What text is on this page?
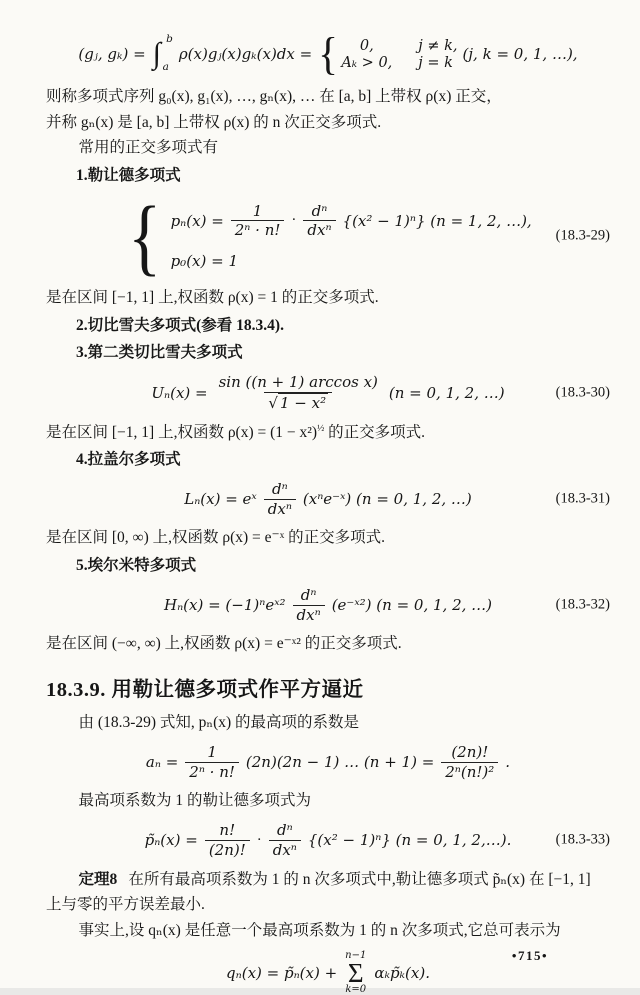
(gⱼ, gₖ) = ∫ b
a
ρ(x)gⱼ(x)gₖ(x)dx = {	0,	j ≠ k,
Aₖ > 0, j = k (j, k = 0, 1, …),
则称多项式序列 g₀(x), g₁(x), …, gₙ(x), … 在 [a, b] 上带权 ρ(x) 正交，
并称 gₙ(x) 是 [a, b] 上带权 ρ(x) 的 n 次正交多项式.
常用的正交多项式有
1.勒让德多项式
{ $p_n(x) = \frac{1}{\text{2ⁿ · n!}} \cdot \frac{\text{dⁿ}}{\text{dxⁿ}} \{(x^2 - 1)^n\} (n = 1$, 2, …),
p₀(x) = 1
(18.3-29)
是在区间 [−1, 1] 上,权函数 ρ(x) = 1 的正交多项式.
2.切比雪夫多项式(参看 18.3.4).
3.第二类切比雪夫多项式
$U_n(x) = \frac{\text{sin ((n + 1) arccos x)}}{\text{√ 1 − x²}} (n = 0$, 1, 2, …)	(18.3-30)
是在区间 [−1, 1] 上,权函数 $\rho(x) = (1 - x^2)^{\frac{1}{2}}$ 的正交多项式.
4.拉盖尔多项式
Lₙ(x) = eˣ $\frac{\text{dⁿ}}{\text{dxⁿ}}$ (xⁿe⁻ˣ) (n = 0, 1, 2, …)	(18.3-31)
是在区间 [0, ∞) 上,权函数 ρ(x) = e⁻ˣ 的正交多项式.
5.埃尔米特多项式
Hₙ(x) = (−1)ⁿeˣ² $\frac{\text{dⁿ}}{\text{dxⁿ}}$ (e⁻ˣ²) (n = 0, 1, 2, …)	(18.3-32)
是在区间 (−∞, ∞) 上,权函数 ρ(x) = e⁻ˣ² 的正交多项式.
18.3.9. 用勒让德多项式作平方逼近
由 (18.3-29) 式知, pₙ(x) 的最高项的系数是
$a_n = \frac{1}{\text{2ⁿ · n!}} (2n)(2n - 1)$ … $(n + 1) = \frac{(2n)!}{\text{2ⁿ(n!)²}}$ .
最高项系数为 1 的勒让德多项式为
p̃ₙ(x) = $\frac{n!}{(2n)!} \cdot \frac{\text{dⁿ}}{\text{dxⁿ}} \{(x^2 - 1)^n\} (n = 0$, 1, 2,…).	(18.3-33)
定理8 在所有最高项系数为 1 的 n 次多项式中,勒让德多项式 p̃ₙ(x) 在 [−1, 1] 上与零的平方误差最小.
事实上,设 qₙ(x) 是任意一个最高项系数为 1 的 n 次多项式,它总可表示为
qₙ(x) = p̃ₙ(x) +
n−1
Σ
k=0
αₖp̃ₖ(x).
•715•
